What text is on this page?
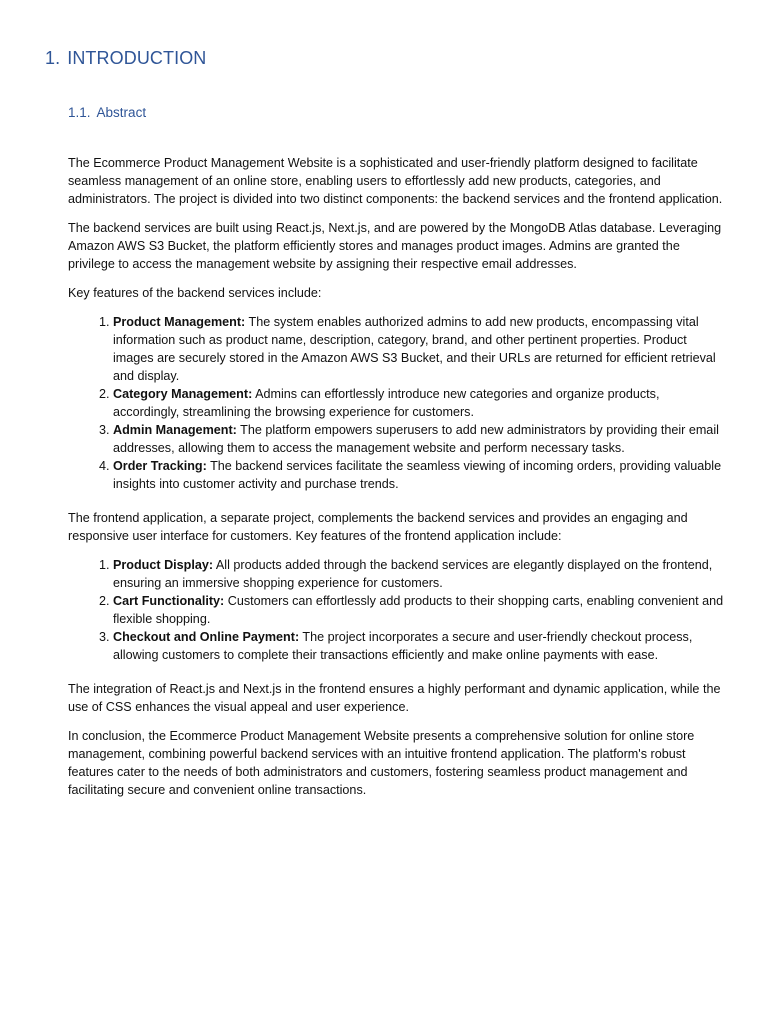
1. INTRODUCTION
1.1. Abstract

The Ecommerce Product Management Website is a sophisticated and user-friendly platform designed to facilitate seamless management of an online store, enabling users to effortlessly add new products, categories, and administrators. The project is divided into two distinct components: the backend services and the frontend application.

The backend services are built using React.js, Next.js, and are powered by the MongoDB Atlas database. Leveraging Amazon AWS S3 Bucket, the platform efficiently stores and manages product images. Admins are granted the privilege to access the management website by assigning their respective email addresses.

Key features of the backend services include:

1. Product Management: The system enables authorized admins to add new products, encompassing vital information such as product name, description, category, brand, and other pertinent properties. Product images are securely stored in the Amazon AWS S3 Bucket, and their URLs are returned for efficient retrieval and display.
2. Category Management: Admins can effortlessly introduce new categories and organize products, accordingly, streamlining the browsing experience for customers.
3. Admin Management: The platform empowers superusers to add new administrators by providing their email addresses, allowing them to access the management website and perform necessary tasks.
4. Order Tracking: The backend services facilitate the seamless viewing of incoming orders, providing valuable insights into customer activity and purchase trends.

The frontend application, a separate project, complements the backend services and provides an engaging and responsive user interface for customers. Key features of the frontend application include:

1. Product Display: All products added through the backend services are elegantly displayed on the frontend, ensuring an immersive shopping experience for customers.
2. Cart Functionality: Customers can effortlessly add products to their shopping carts, enabling convenient and flexible shopping.
3. Checkout and Online Payment: The project incorporates a secure and user-friendly checkout process, allowing customers to complete their transactions efficiently and make online payments with ease.

The integration of React.js and Next.js in the frontend ensures a highly performant and dynamic application, while the use of CSS enhances the visual appeal and user experience.

In conclusion, the Ecommerce Product Management Website presents a comprehensive solution for online store management, combining powerful backend services with an intuitive frontend application. The platform's robust features cater to the needs of both administrators and customers, fostering seamless product management and facilitating secure and convenient online transactions.
